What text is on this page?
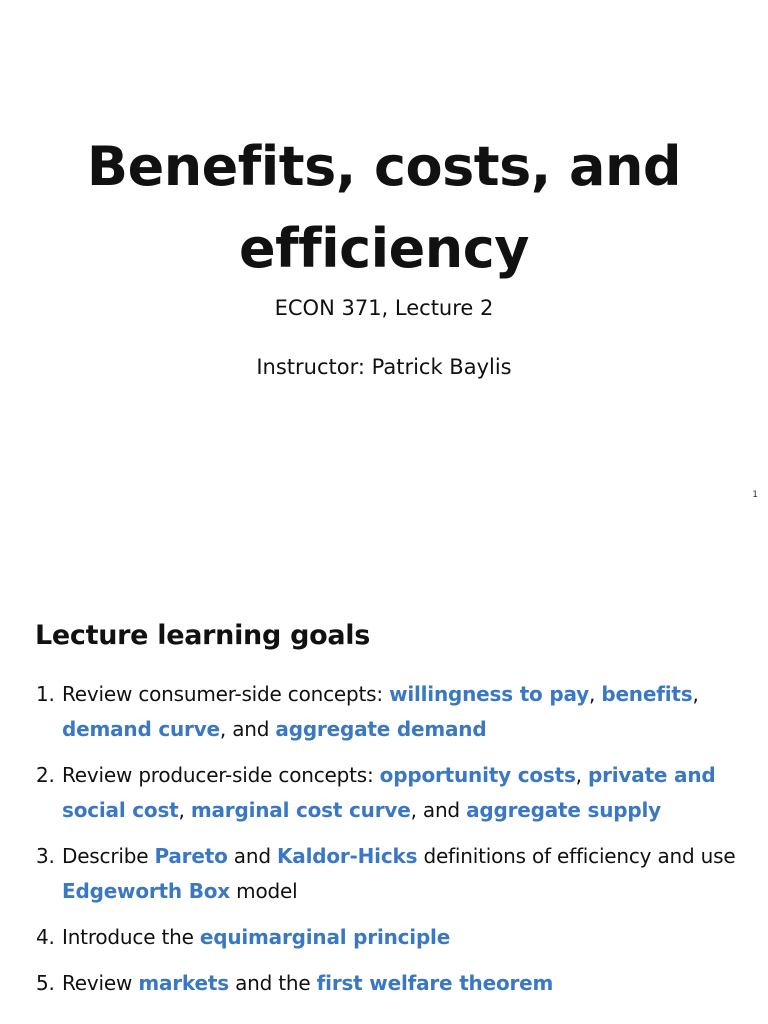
Benefits, costs, and efficiency
ECON 371, Lecture 2
Instructor: Patrick Baylis
1
Lecture learning goals
1. Review consumer-side concepts: willingness to pay, benefits, demand curve, and aggregate demand
2. Review producer-side concepts: opportunity costs, private and social cost, marginal cost curve, and aggregate supply
3. Describe Pareto and Kaldor-Hicks definitions of efficiency and use Edgeworth Box model
4. Introduce the equimarginal principle
5. Review markets and the first welfare theorem
